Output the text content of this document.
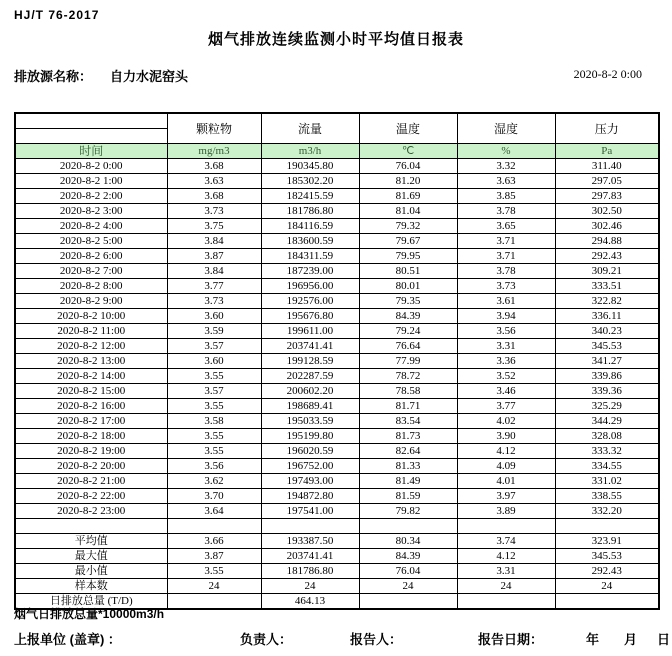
HJ/T 76-2017
烟气排放连续监测小时平均值日报表
排放源名称： 自力水泥窑头	2020-8-2 0:00
	颗粒物	流量	温度	湿度	压力

时间	mg/m3	m3/h	℃	%	Pa
2020-8-2 0:00	3.68	190345.80	76.04	3.32	311.40
2020-8-2 1:00	3.63	185302.20	81.20	3.63	297.05
2020-8-2 2:00	3.68	182415.59	81.69	3.85	297.83
2020-8-2 3:00	3.73	181786.80	81.04	3.78	302.50
2020-8-2 4:00	3.75	184116.59	79.32	3.65	302.46
2020-8-2 5:00	3.84	183600.59	79.67	3.71	294.88
2020-8-2 6:00	3.87	184311.59	79.95	3.71	292.43
2020-8-2 7:00	3.84	187239.00	80.51	3.78	309.21
2020-8-2 8:00	3.77	196956.00	80.01	3.73	333.51
2020-8-2 9:00	3.73	192576.00	79.35	3.61	322.82
2020-8-2 10:00	3.60	195676.80	84.39	3.94	336.11
2020-8-2 11:00	3.59	199611.00	79.24	3.56	340.23
2020-8-2 12:00	3.57	203741.41	76.64	3.31	345.53
2020-8-2 13:00	3.60	199128.59	77.99	3.36	341.27
2020-8-2 14:00	3.55	202287.59	78.72	3.52	339.86
2020-8-2 15:00	3.57	200602.20	78.58	3.46	339.36
2020-8-2 16:00	3.55	198689.41	81.71	3.77	325.29
2020-8-2 17:00	3.58	195033.59	83.54	4.02	344.29
2020-8-2 18:00	3.55	195199.80	81.73	3.90	328.08
2020-8-2 19:00	3.55	196020.59	82.64	4.12	333.32
2020-8-2 20:00	3.56	196752.00	81.33	4.09	334.55
2020-8-2 21:00	3.62	197493.00	81.49	4.01	331.02
2020-8-2 22:00	3.70	194872.80	81.59	3.97	338.55
2020-8-2 23:00	3.64	197541.00	79.82	3.89	332.20

平均值	3.66	193387.50	80.34	3.74	323.91
最大值	3.87	203741.41	84.39	4.12	345.53
最小值	3.55	181786.80	76.04	3.31	292.43
样本数	24	24	24	24	24
日排放总量 (T/D)		464.13			
烟气日排放总量*10000m3/h
上报单位 (盖章) ：	负责人：	报告人：	报告日期：	年 月 日
